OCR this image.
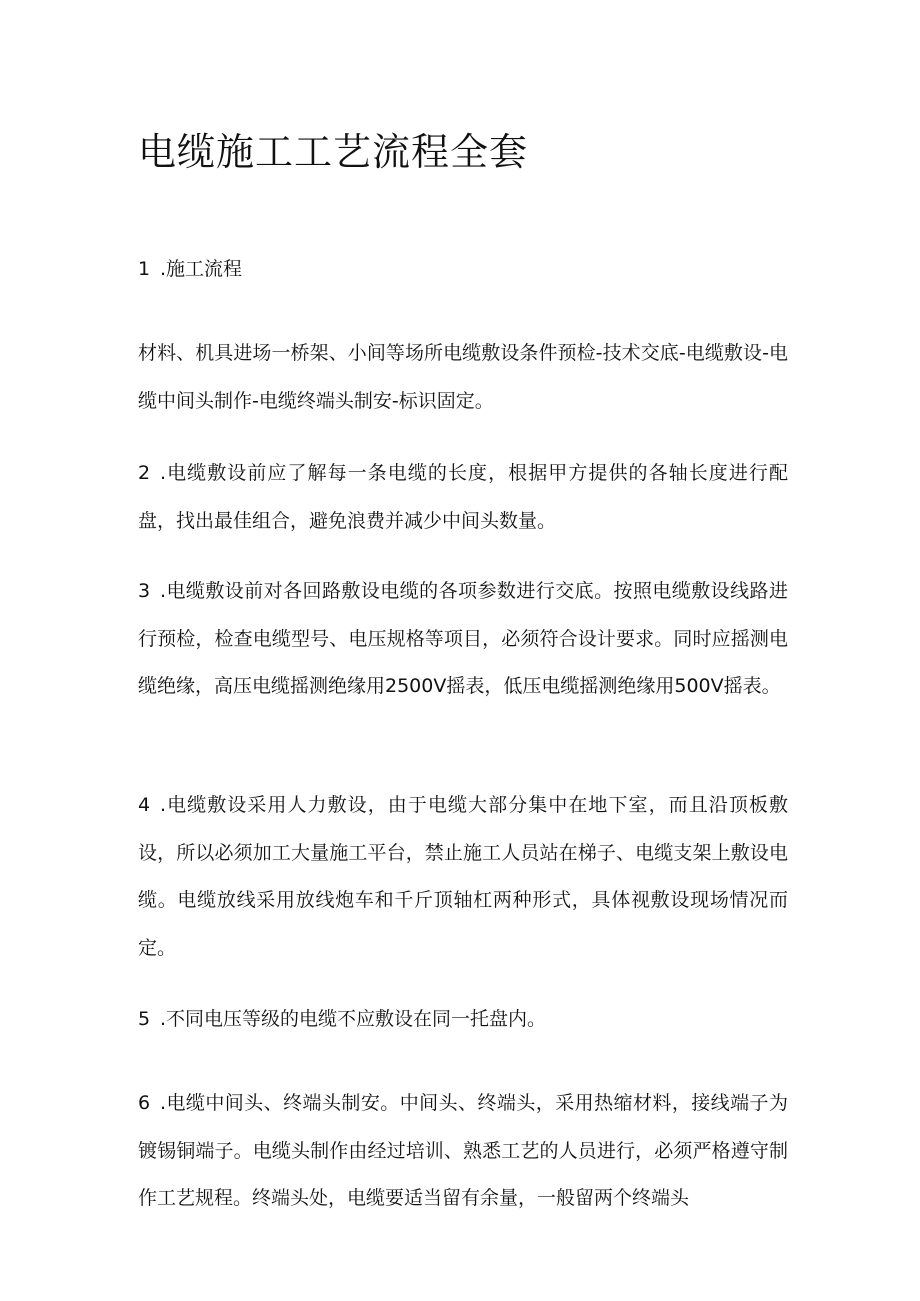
电缆施工工艺流程全套

1 .施工流程

材料、机具进场一桥架、小间等场所电缆敷设条件预检-技术交底-电缆敷设-电缆中间头制作-电缆终端头制安-标识固定。

2 .电缆敷设前应了解每一条电缆的长度，根据甲方提供的各轴长度进行配盘，找出最佳组合，避免浪费并减少中间头数量。

3 .电缆敷设前对各回路敷设电缆的各项参数进行交底。按照电缆敷设线路进行预检，检查电缆型号、电压规格等项目，必须符合设计要求。同时应摇测电缆绝缘，高压电缆摇测绝缘用2500V摇表，低压电缆摇测绝缘用500V摇表。

4 .电缆敷设采用人力敷设，由于电缆大部分集中在地下室，而且沿顶板敷设，所以必须加工大量施工平台，禁止施工人员站在梯子、电缆支架上敷设电缆。电缆放线采用放线炮车和千斤顶轴杠两种形式，具体视敷设现场情况而定。

5 .不同电压等级的电缆不应敷设在同一托盘内。

6 .电缆中间头、终端头制安。中间头、终端头，采用热缩材料，接线端子为镀锡铜端子。电缆头制作由经过培训、熟悉工艺的人员进行，必须严格遵守制作工艺规程。终端头处，电缆要适当留有余量，一般留两个终端头
